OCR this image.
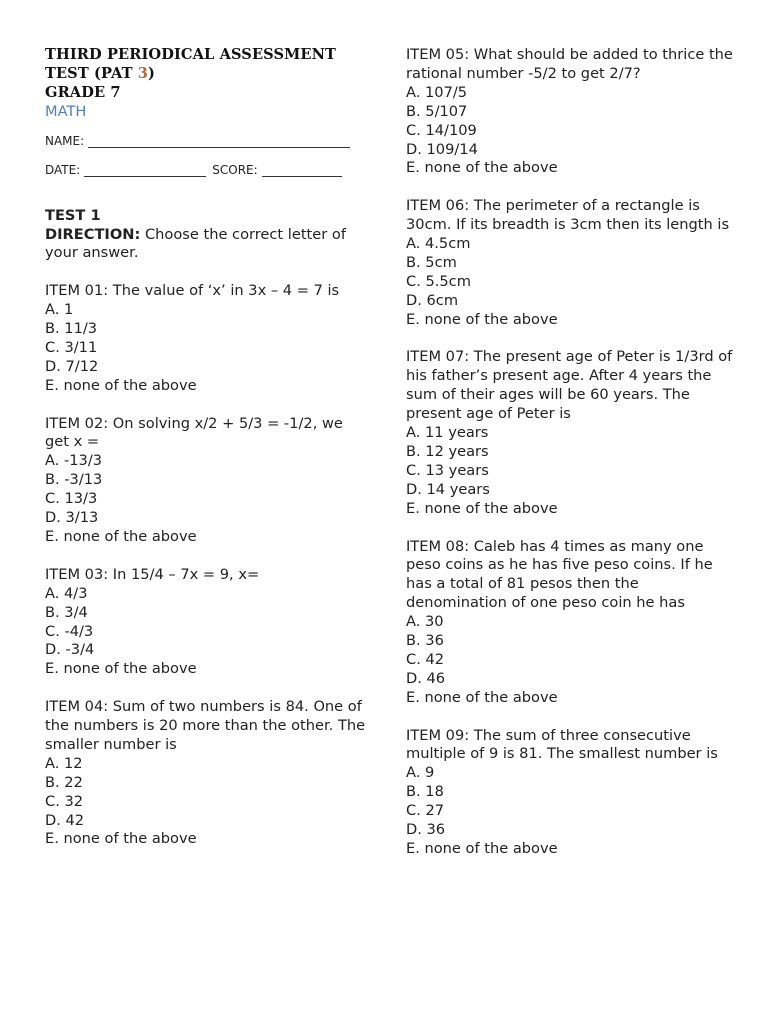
THIRD PERIODICAL ASSESSMENT
TEST (PAT 3)
GRADE 7
MATH
NAME:
DATE:	SCORE:
TEST 1
DIRECTION: Choose the correct letter of your answer.
ITEM 01: The value of ‘x’ in 3x – 4 = 7 is
A. 1
B. 11/3
C. 3/11
D. 7/12
E. none of the above
ITEM 02: On solving x/2 + 5/3 = -1/2, we get x =
A. -13/3
B. -3/13
C. 13/3
D. 3/13
E. none of the above
ITEM 03: In 15/4 – 7x = 9, x=
A. 4/3
B. 3/4
C. -4/3
D. -3/4
E. none of the above
ITEM 04: Sum of two numbers is 84. One of the numbers is 20 more than the other. The smaller number is
A. 12
B. 22
C. 32
D. 42
E. none of the above
ITEM 05: What should be added to thrice the rational number -5/2 to get 2/7?
A. 107/5
B. 5/107
C. 14/109
D. 109/14
E. none of the above
ITEM 06: The perimeter of a rectangle is 30cm. If its breadth is 3cm then its length is
A. 4.5cm
B. 5cm
C. 5.5cm
D. 6cm
E. none of the above
ITEM 07: The present age of Peter is 1/3rd of his father’s present age. After 4 years the sum of their ages will be 60 years. The present age of Peter is
A. 11 years
B. 12 years
C. 13 years
D. 14 years
E. none of the above
ITEM 08: Caleb has 4 times as many one peso coins as he has five peso coins. If he has a total of 81 pesos then the denomination of one peso coin he has
A. 30
B. 36
C. 42
D. 46
E. none of the above
ITEM 09: The sum of three consecutive multiple of 9 is 81. The smallest number is
A. 9
B. 18
C. 27
D. 36
E. none of the above
